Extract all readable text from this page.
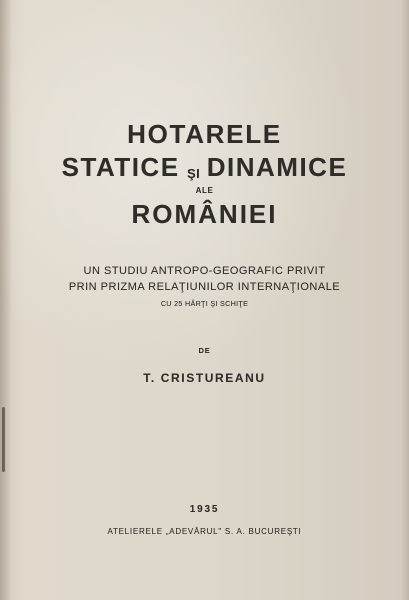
HOTARELE
STATICE ŞI DINAMICE
ALE
ROMÂNIEI
UN STUDIU ANTROPO-GEOGRAFIC PRIVIT
PRIN PRIZMA RELAŢIUNILOR INTERNAŢIONALE
CU 25 HĂRŢI ŞI SCHIŢE
DE
T. CRISTUREANU
1935
ATELIERELE „ADEVĂRUL" S. A. BUCUREŞTI
